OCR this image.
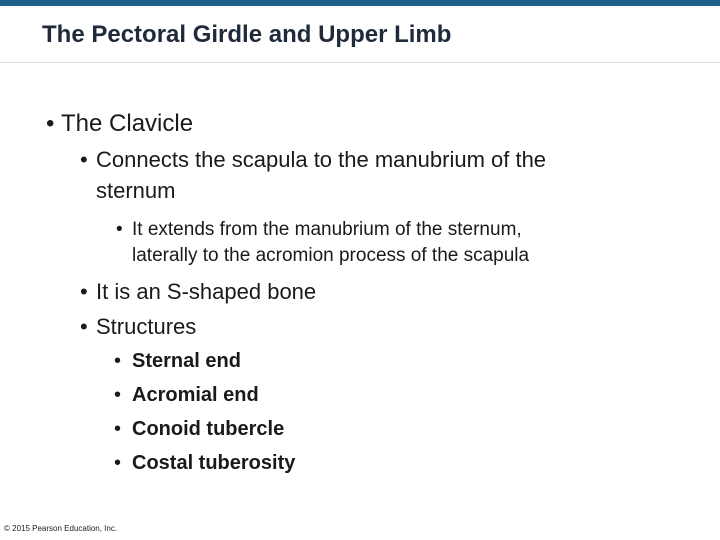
The Pectoral Girdle and Upper Limb
• The Clavicle
• Connects the scapula to the manubrium of the
sternum
• It extends from the manubrium of the sternum,
laterally to the acromion process of the scapula
• It is an S-shaped bone
• Structures
• Sternal end
• Acromial end
• Conoid tubercle
• Costal tuberosity
© 2015 Pearson Education, Inc.
